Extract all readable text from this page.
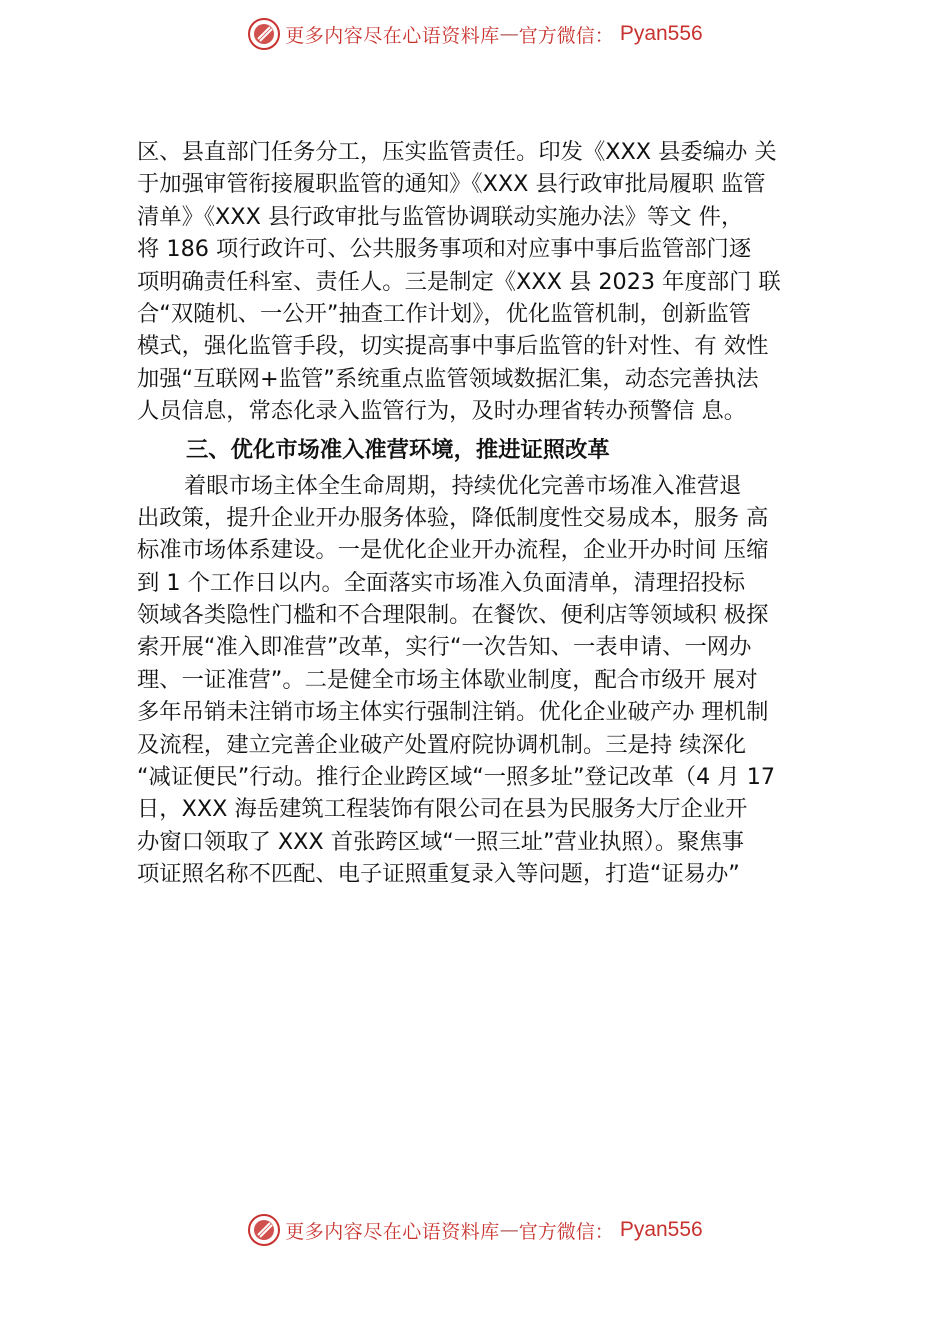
更多内容尽在心语资料库 — 官方微信： Pyan556
区、县直部门任务分工，压实监管责任。印发《XXX 县委编办 关
于加强审管衔接履职监管的通知》《XXX 县行政审批局履职 监管
清单》《XXX 县行政审批与监管协调联动实施办法》等文 件，
将 186 项行政许可、公共服务事项和对应事中事后监管部门逐
项明确责任科室、责任人。三是制定《XXX 县 2023 年度部门 联
合“双随机、一公开”抽查工作计划》，优化监管机制，创新监管
模式，强化监管手段，切实提高事中事后监管的针对性、有 效性
加强“互联网+监管”系统重点监管领域数据汇集，动态完善执法
人员信息，常态化录入监管行为，及时办理省转办预警信 息。
三、优化市场准入准营环境，推进证照改革
着眼市场主体全生命周期，持续优化完善市场准入准营退
出政策，提升企业开办服务体验，降低制度性交易成本，服务 高
标准市场体系建设。一是优化企业开办流程，企业开办时间 压缩
到 1 个工作日以内。全面落实市场准入负面清单，清理招投标
领域各类隐性门槛和不合理限制。在餐饮、便利店等领域积 极探
索开展“准入即准营”改革，实行“一次告知、一表申请、一网办
理、一证准营”。二是健全市场主体歇业制度，配合市级开 展对
多年吊销未注销市场主体实行强制注销。优化企业破产办 理机制
及流程，建立完善企业破产处置府院协调机制。三是持 续深化
“减证便民”行动。推行企业跨区域“一照多址”登记改革（4 月 17
日，XXX 海岳建筑工程装饰有限公司在县为民服务大厅企业开
办窗口领取了 XXX 首张跨区域“一照三址”营业执照）。聚焦事
项证照名称不匹配、电子证照重复录入等问题，打造“证易办”
更多内容尽在心语资料库 — 官方微信： Pyan556
